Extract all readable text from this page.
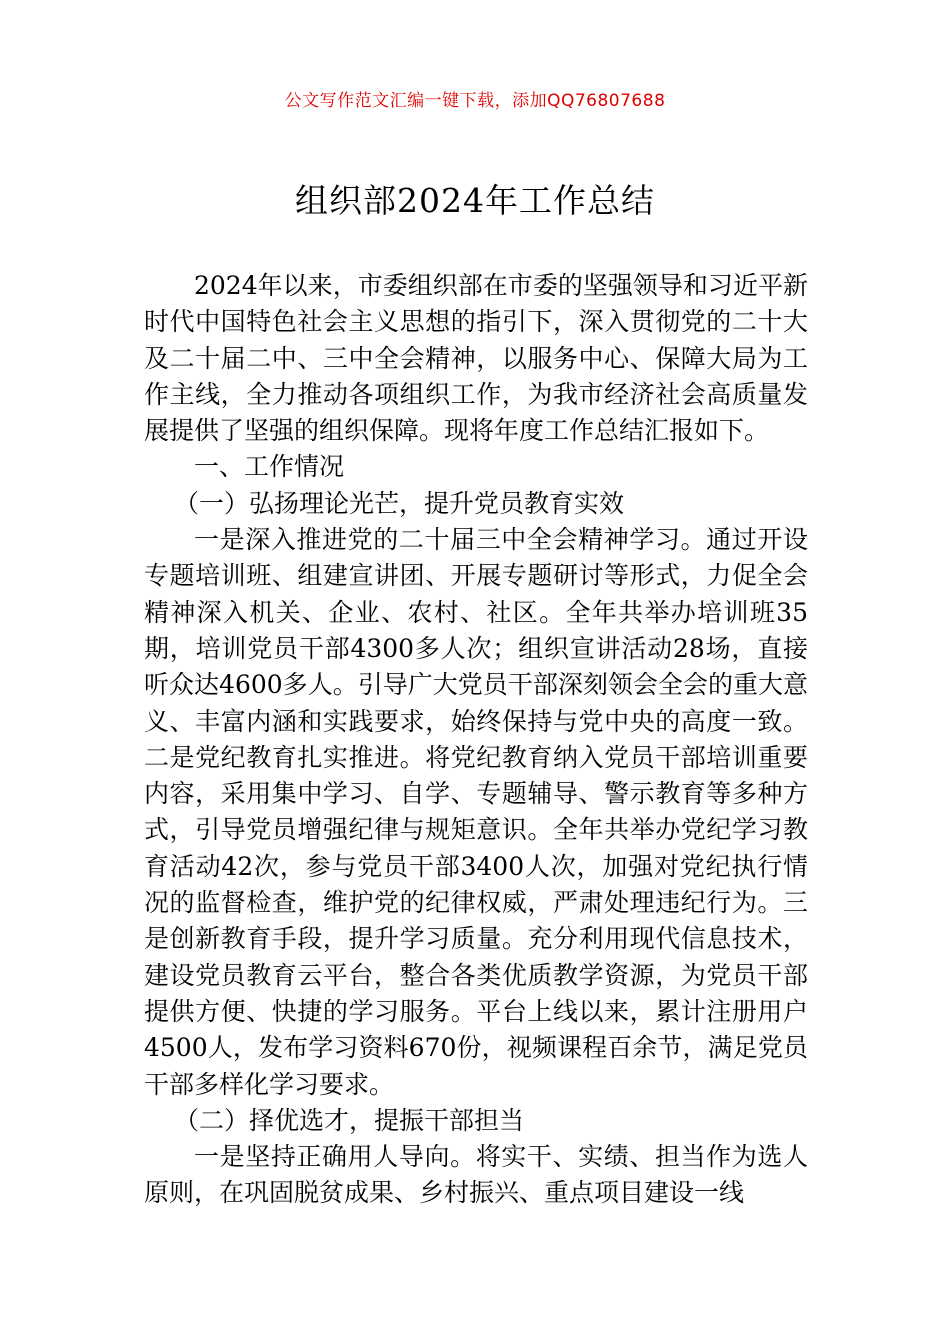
公文写作范文汇编一键下载，添加QQ76807688
组织部2024年工作总结

2024年以来，市委组织部在市委的坚强领导和习近平新时代中国特色社会主义思想的指引下，深入贯彻党的二十大及二十届二中、三中全会精神，以服务中心、保障大局为工作主线，全力推动各项组织工作，为我市经济社会高质量发展提供了坚强的组织保障。现将年度工作总结汇报如下。

一、工作情况

（一）弘扬理论光芒，提升党员教育实效

一是深入推进党的二十届三中全会精神学习。通过开设专题培训班、组建宣讲团、开展专题研讨等形式，力促全会精神深入机关、企业、农村、社区。全年共举办培训班35期，培训党员干部4300多人次；组织宣讲活动28场，直接听众达4600多人。引导广大党员干部深刻领会全会的重大意义、丰富内涵和实践要求，始终保持与党中央的高度一致。二是党纪教育扎实推进。将党纪教育纳入党员干部培训重要内容，采用集中学习、自学、专题辅导、警示教育等多种方式，引导党员增强纪律与规矩意识。全年共举办党纪学习教育活动42次，参与党员干部3400人次，加强对党纪执行情况的监督检查，维护党的纪律权威，严肃处理违纪行为。三是创新教育手段，提升学习质量。充分利用现代信息技术，建设党员教育云平台，整合各类优质教学资源，为党员干部提供方便、快捷的学习服务。平台上线以来，累计注册用户4500人，发布学习资料670份，视频课程百余节，满足党员干部多样化学习要求。

（二）择优选才，提振干部担当

一是坚持正确用人导向。将实干、实绩、担当作为选人原则，在巩固脱贫成果、乡村振兴、重点项目建设一线
